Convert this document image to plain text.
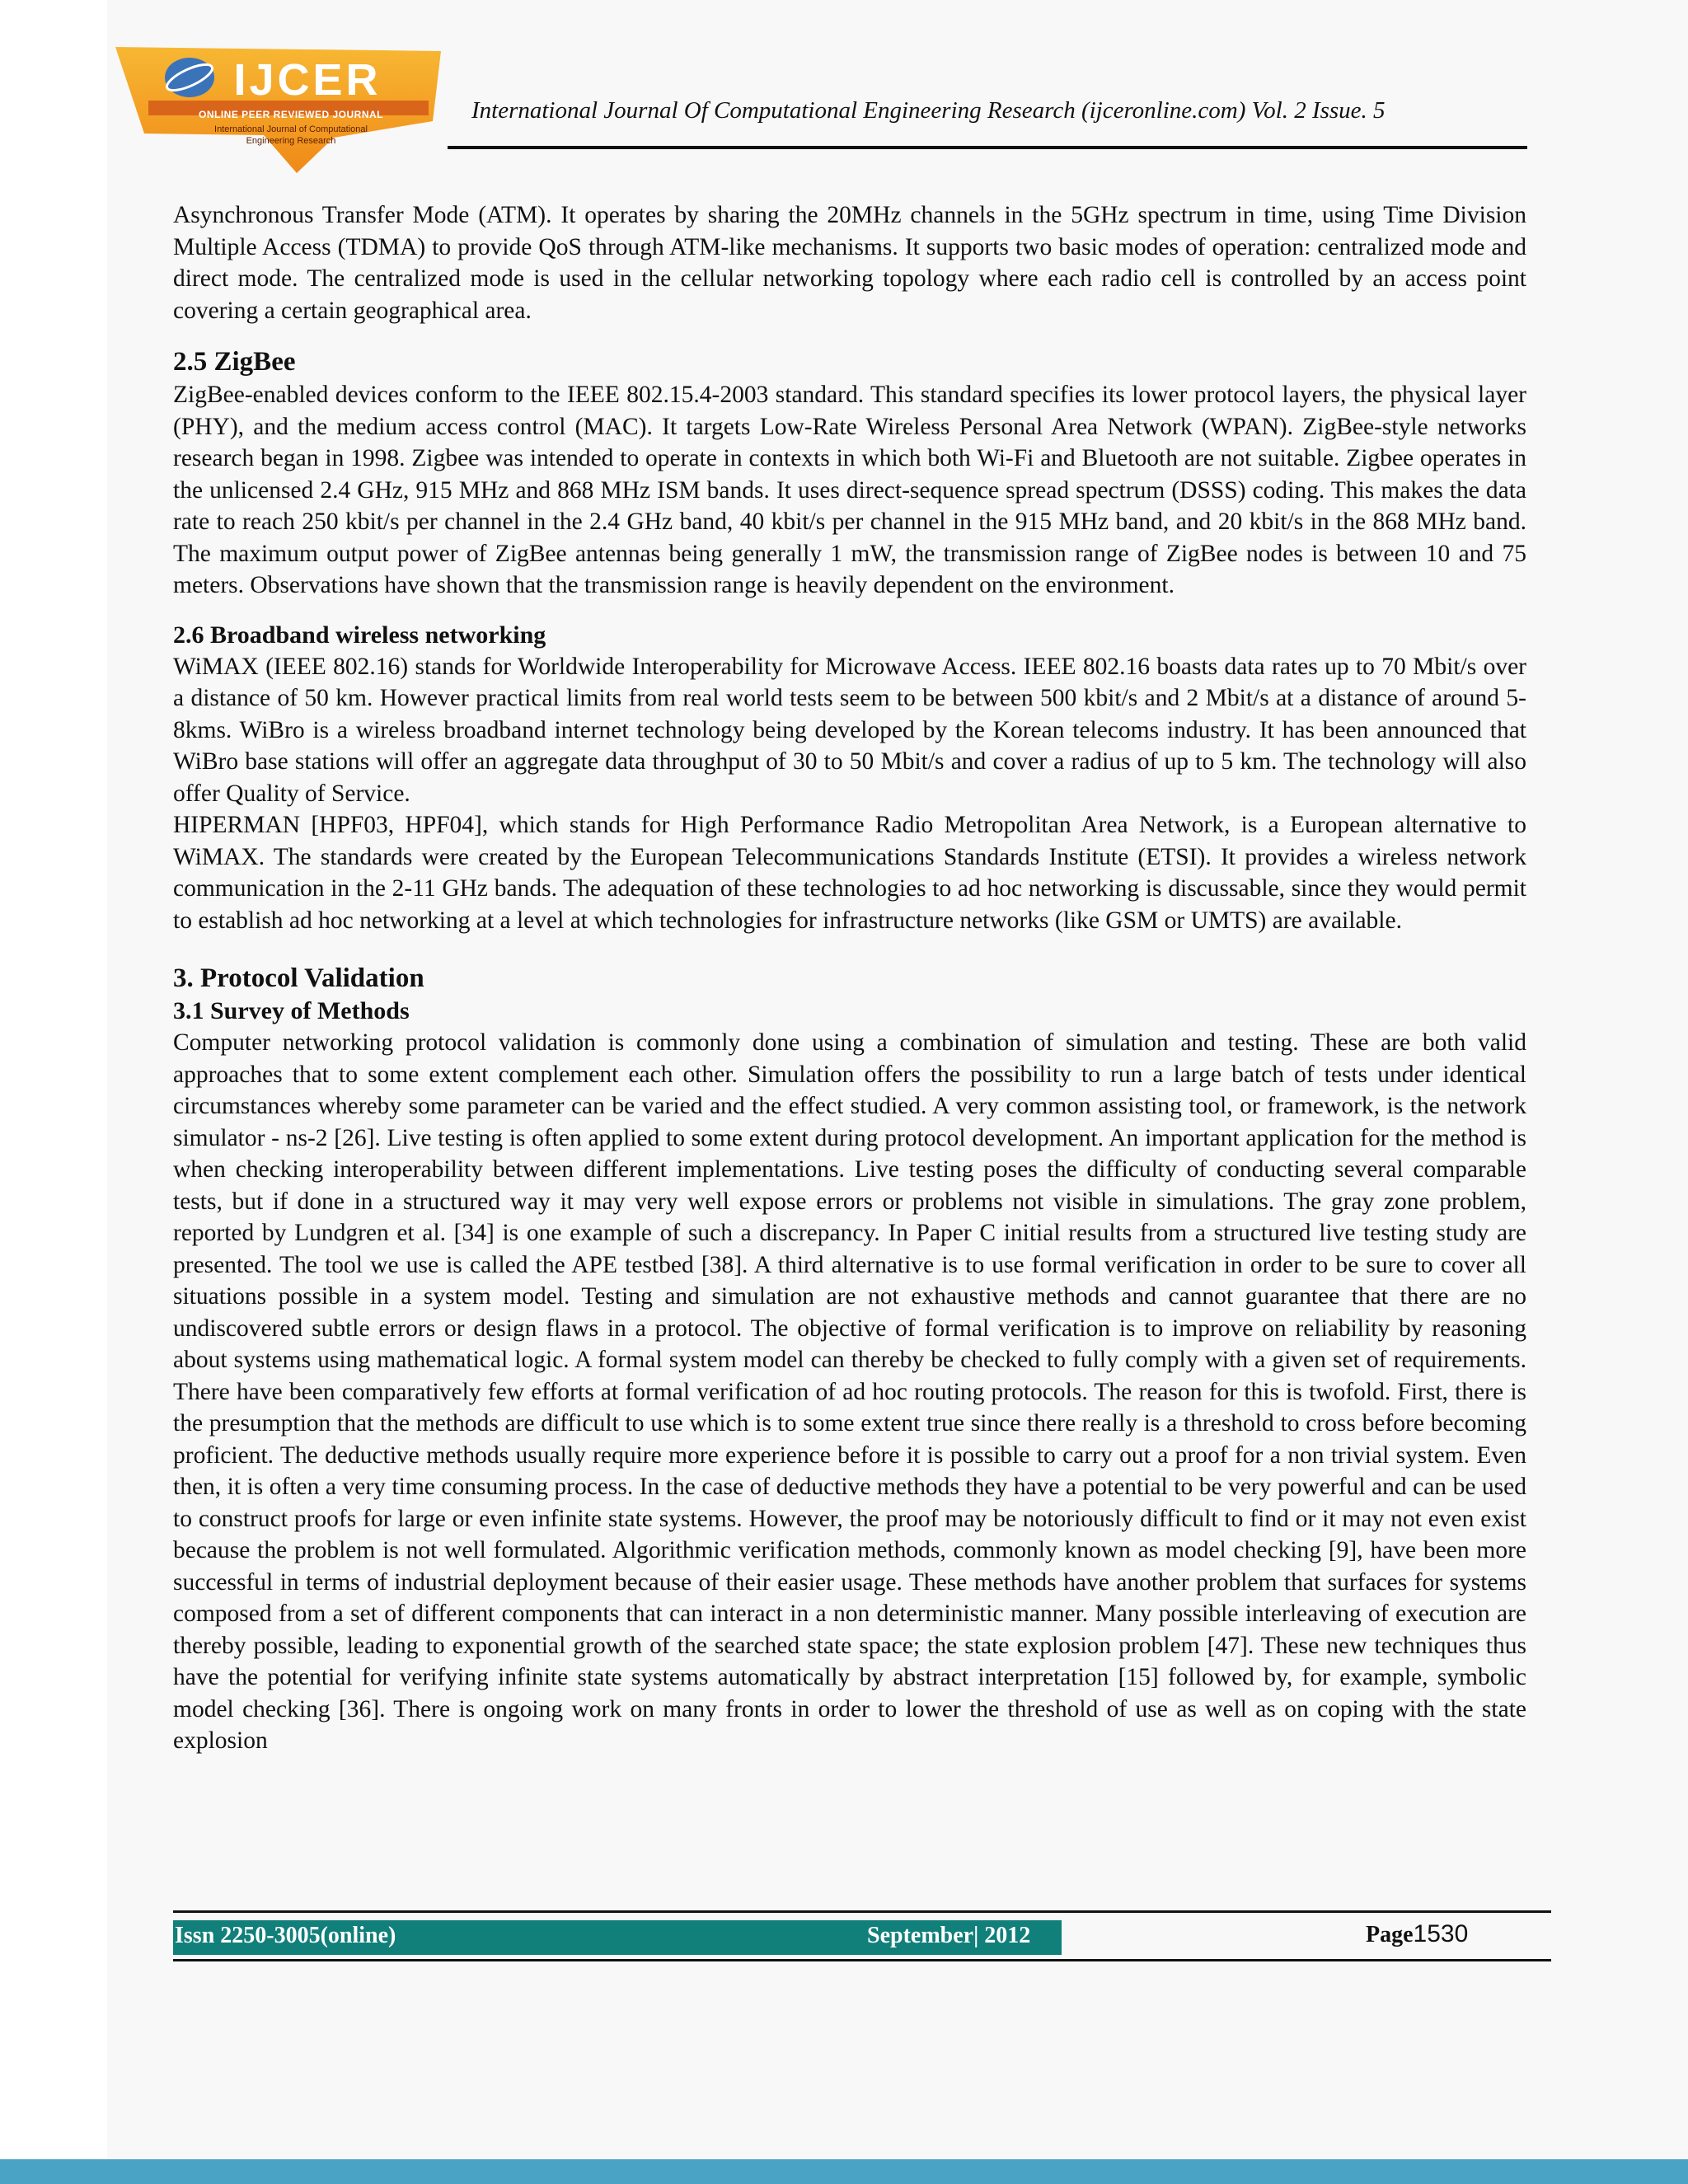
IJCER
ONLINE PEER REVIEWED JOURNAL
International Journal of Computational
Engineering Research
International Journal Of Computational Engineering Research (ijceronline.com) Vol. 2 Issue. 5

Asynchronous Transfer Mode (ATM). It operates by sharing the 20MHz channels in the 5GHz spectrum in time, using Time Division Multiple Access (TDMA) to provide QoS through ATM-like mechanisms. It supports two basic modes of operation: centralized mode and direct mode. The centralized mode is used in the cellular networking topology where each radio cell is controlled by an access point covering a certain geographical area.

2.5 ZigBee

ZigBee-enabled devices conform to the IEEE 802.15.4-2003 standard. This standard specifies its lower protocol layers, the physical layer (PHY), and the medium access control (MAC). It targets Low-Rate Wireless Personal Area Network (WPAN). ZigBee-style networks research began in 1998. Zigbee was intended to operate in contexts in which both Wi-Fi and Bluetooth are not suitable. Zigbee operates in the unlicensed 2.4 GHz, 915 MHz and 868 MHz ISM bands. It uses direct-sequence spread spectrum (DSSS) coding. This makes the data rate to reach 250 kbit/s per channel in the 2.4 GHz band, 40 kbit/s per channel in the 915 MHz band, and 20 kbit/s in the 868 MHz band. The maximum output power of ZigBee antennas being generally 1 mW, the transmission range of ZigBee nodes is between 10 and 75 meters. Observations have shown that the transmission range is heavily dependent on the environment.

2.6 Broadband wireless networking

WiMAX (IEEE 802.16) stands for Worldwide Interoperability for Microwave Access. IEEE 802.16 boasts data rates up to 70 Mbit/s over a distance of 50 km. However practical limits from real world tests seem to be between 500 kbit/s and 2 Mbit/s at a distance of around 5-8kms. WiBro is a wireless broadband internet technology being developed by the Korean telecoms industry. It has been announced that WiBro base stations will offer an aggregate data throughput of 30 to 50 Mbit/s and cover a radius of up to 5 km. The technology will also offer Quality of Service.

HIPERMAN [HPF03, HPF04], which stands for High Performance Radio Metropolitan Area Network, is a European alternative to WiMAX. The standards were created by the European Telecommunications Standards Institute (ETSI). It provides a wireless network communication in the 2-11 GHz bands. The adequation of these technologies to ad hoc networking is discussable, since they would permit to establish ad hoc networking at a level at which technologies for infrastructure networks (like GSM or UMTS) are available.

3. Protocol Validation
3.1 Survey of Methods

Computer networking protocol validation is commonly done using a combination of simulation and testing. These are both valid approaches that to some extent complement each other. Simulation offers the possibility to run a large batch of tests under identical circumstances whereby some parameter can be varied and the effect studied. A very common assisting tool, or framework, is the network simulator - ns-2 [26]. Live testing is often applied to some extent during protocol development. An important application for the method is when checking interoperability between different implementations. Live testing poses the difficulty of conducting several comparable tests, but if done in a structured way it may very well expose errors or problems not visible in simulations. The gray zone problem, reported by Lundgren et al. [34] is one example of such a discrepancy. In Paper C initial results from a structured live testing study are presented. The tool we use is called the APE testbed [38]. A third alternative is to use formal verification in order to be sure to cover all situations possible in a system model. Testing and simulation are not exhaustive methods and cannot guarantee that there are no undiscovered subtle errors or design flaws in a protocol. The objective of formal verification is to improve on reliability by reasoning about systems using mathematical logic. A formal system model can thereby be checked to fully comply with a given set of requirements. There have been comparatively few efforts at formal verification of ad hoc routing protocols. The reason for this is twofold. First, there is the presumption that the methods are difficult to use which is to some extent true since there really is a threshold to cross before becoming proficient. The deductive methods usually require more experience before it is possible to carry out a proof for a non trivial system. Even then, it is often a very time consuming process. In the case of deductive methods they have a potential to be very powerful and can be used to construct proofs for large or even infinite state systems. However, the proof may be notoriously difficult to find or it may not even exist because the problem is not well formulated. Algorithmic verification methods, commonly known as model checking [9], have been more successful in terms of industrial deployment because of their easier usage. These methods have another problem that surfaces for systems composed from a set of different components that can interact in a non deterministic manner. Many possible interleaving of execution are thereby possible, leading to exponential growth of the searched state space; the state explosion problem [47]. These new techniques thus have the potential for verifying infinite state systems automatically by abstract interpretation [15] followed by, for example, symbolic model checking [36]. There is ongoing work on many fronts in order to lower the threshold of use as well as on coping with the state explosion

Issn 2250-3005(online)	September| 2012	Page1530
